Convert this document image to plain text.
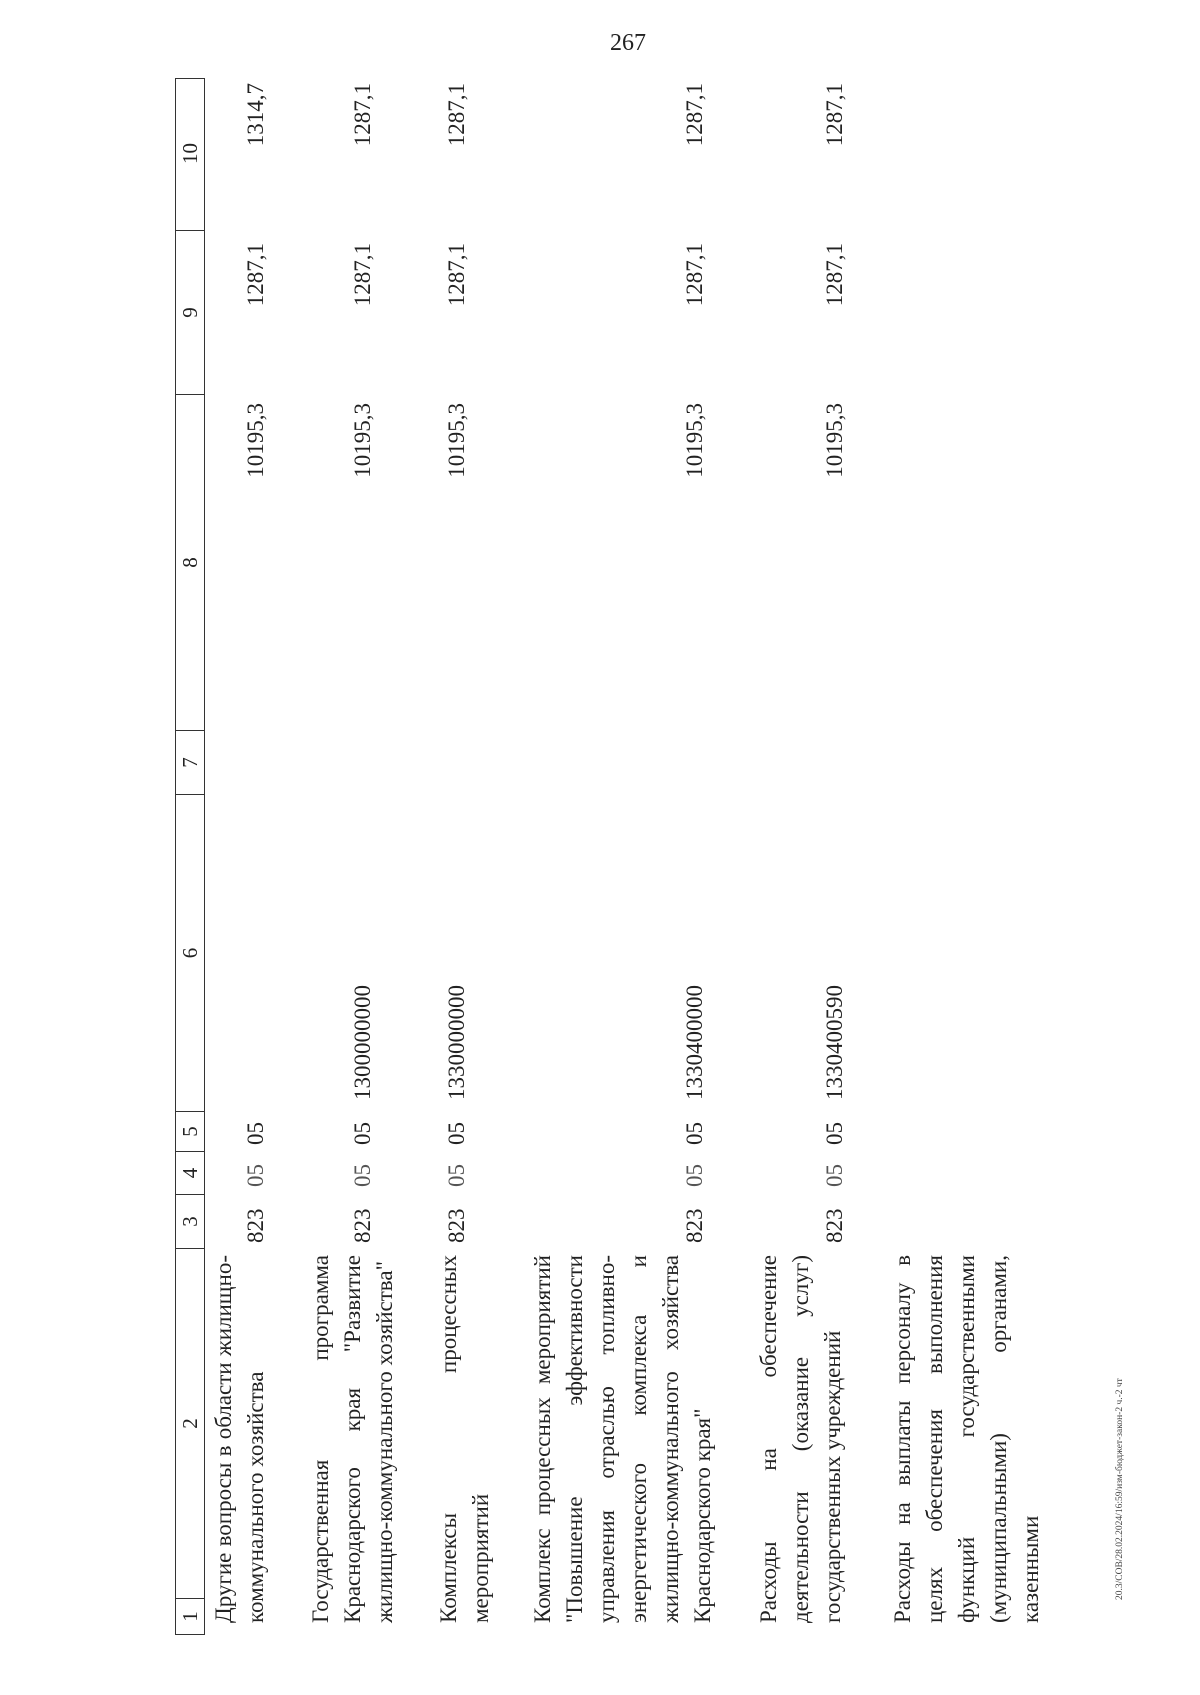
267
20.3/СОВ/28.02.2024/16:59/изм-бюджет-закон-2 ч.-2 чт
1
2
3
4
5
6
7
8
9
10
Другие вопросы в области жилищно-коммунального хозяйства
823
05
05
10195,3
1287,1
1314,7
Государственная программа Краснодарского края "Развитие жилищно-коммунального хозяйства"
823
05
05
1300000000
10195,3
1287,1
1287,1
Комплексы процессных мероприятий
823
05
05
1330000000
10195,3
1287,1
1287,1
Комплекс процессных мероприятий "Повышение эффективности управления отраслью топливно-энергетического комплекса и жилищно-коммунального хозяйства Краснодарского края"
823
05
05
1330400000
10195,3
1287,1
1287,1
Расходы на обеспечение деятельности (оказание услуг) государственных учреждений
823
05
05
1330400590
10195,3
1287,1
1287,1
Расходы на выплаты персоналу в целях обеспечения выполнения функций государственными (муниципальными) органами, казенными
